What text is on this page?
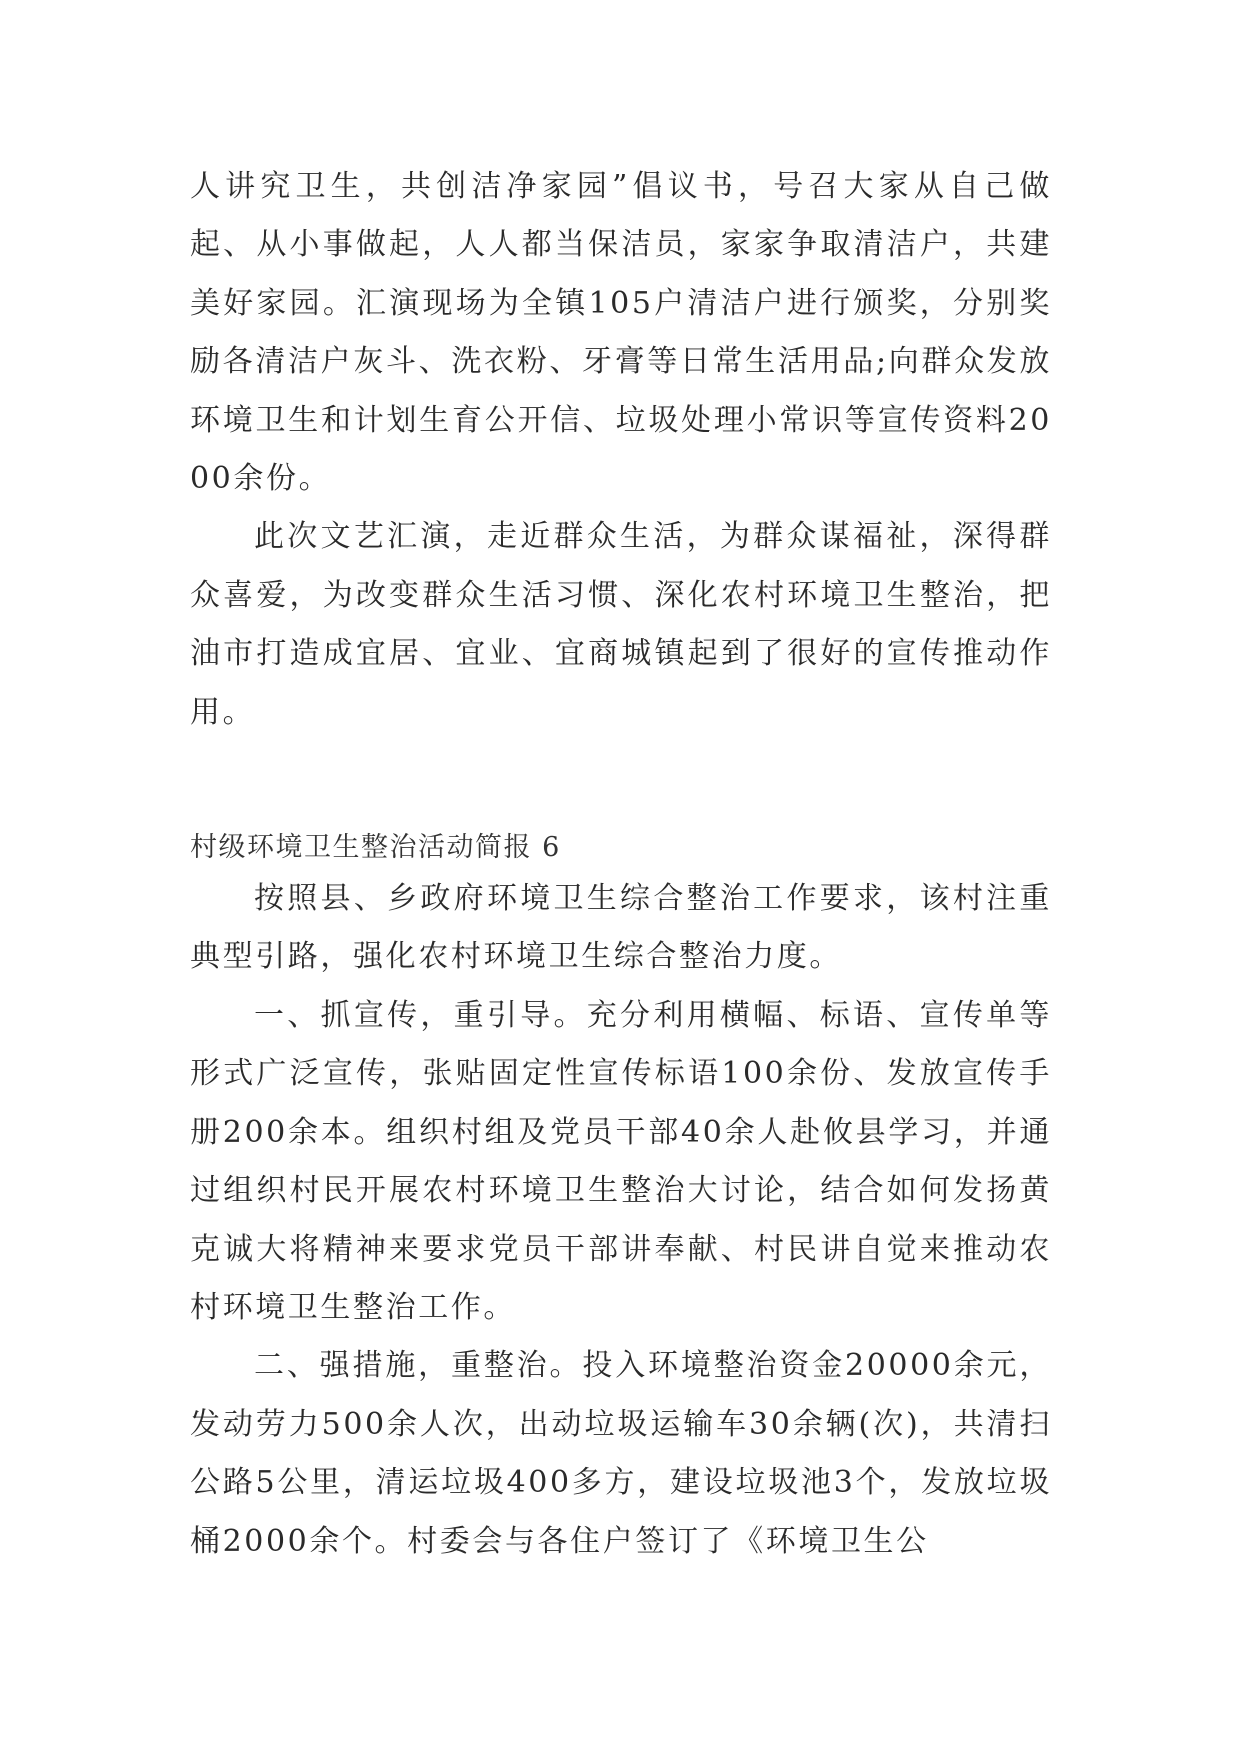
人讲究卫生，共创洁净家园”倡议书，号召大家从自己做起、从小事做起，人人都当保洁员，家家争取清洁户，共建美好家园。汇演现场为全镇105户清洁户进行颁奖，分别奖励各清洁户灰斗、洗衣粉、牙膏等日常生活用品;向群众发放环境卫生和计划生育公开信、垃圾处理小常识等宣传资料2000余份。

此次文艺汇演，走近群众生活，为群众谋福祉，深得群众喜爱，为改变群众生活习惯、深化农村环境卫生整治，把油市打造成宜居、宜业、宜商城镇起到了很好的宣传推动作用。

村级环境卫生整治活动简报 6

按照县、乡政府环境卫生综合整治工作要求，该村注重典型引路，强化农村环境卫生综合整治力度。

一、抓宣传，重引导。充分利用横幅、标语、宣传单等形式广泛宣传，张贴固定性宣传标语100余份、发放宣传手册200余本。组织村组及党员干部40余人赴攸县学习，并通过组织村民开展农村环境卫生整治大讨论，结合如何发扬黄克诚大将精神来要求党员干部讲奉献、村民讲自觉来推动农村环境卫生整治工作。

二、强措施，重整治。投入环境整治资金20000余元，发动劳力500余人次，出动垃圾运输车30余辆(次)，共清扫公路5公里，清运垃圾400多方，建设垃圾池3个，发放垃圾桶2000余个。村委会与各住户签订了《环境卫生公
